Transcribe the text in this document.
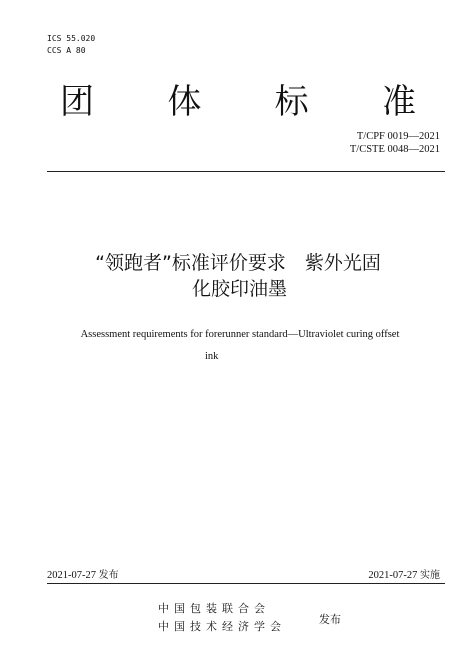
ICS 55.020
CCS A 80
团 体 标 准
T/CPF 0019—2021
T/CSTE 0048—2021
“领跑者”标准评价要求　紫外光固
化胶印油墨
Assessment requirements for forerunner standard—Ultraviolet curing offset
ink
2021-07-27 发布	2021-07-27 实施
中国包装联合会
中国技术经济学会
发布
